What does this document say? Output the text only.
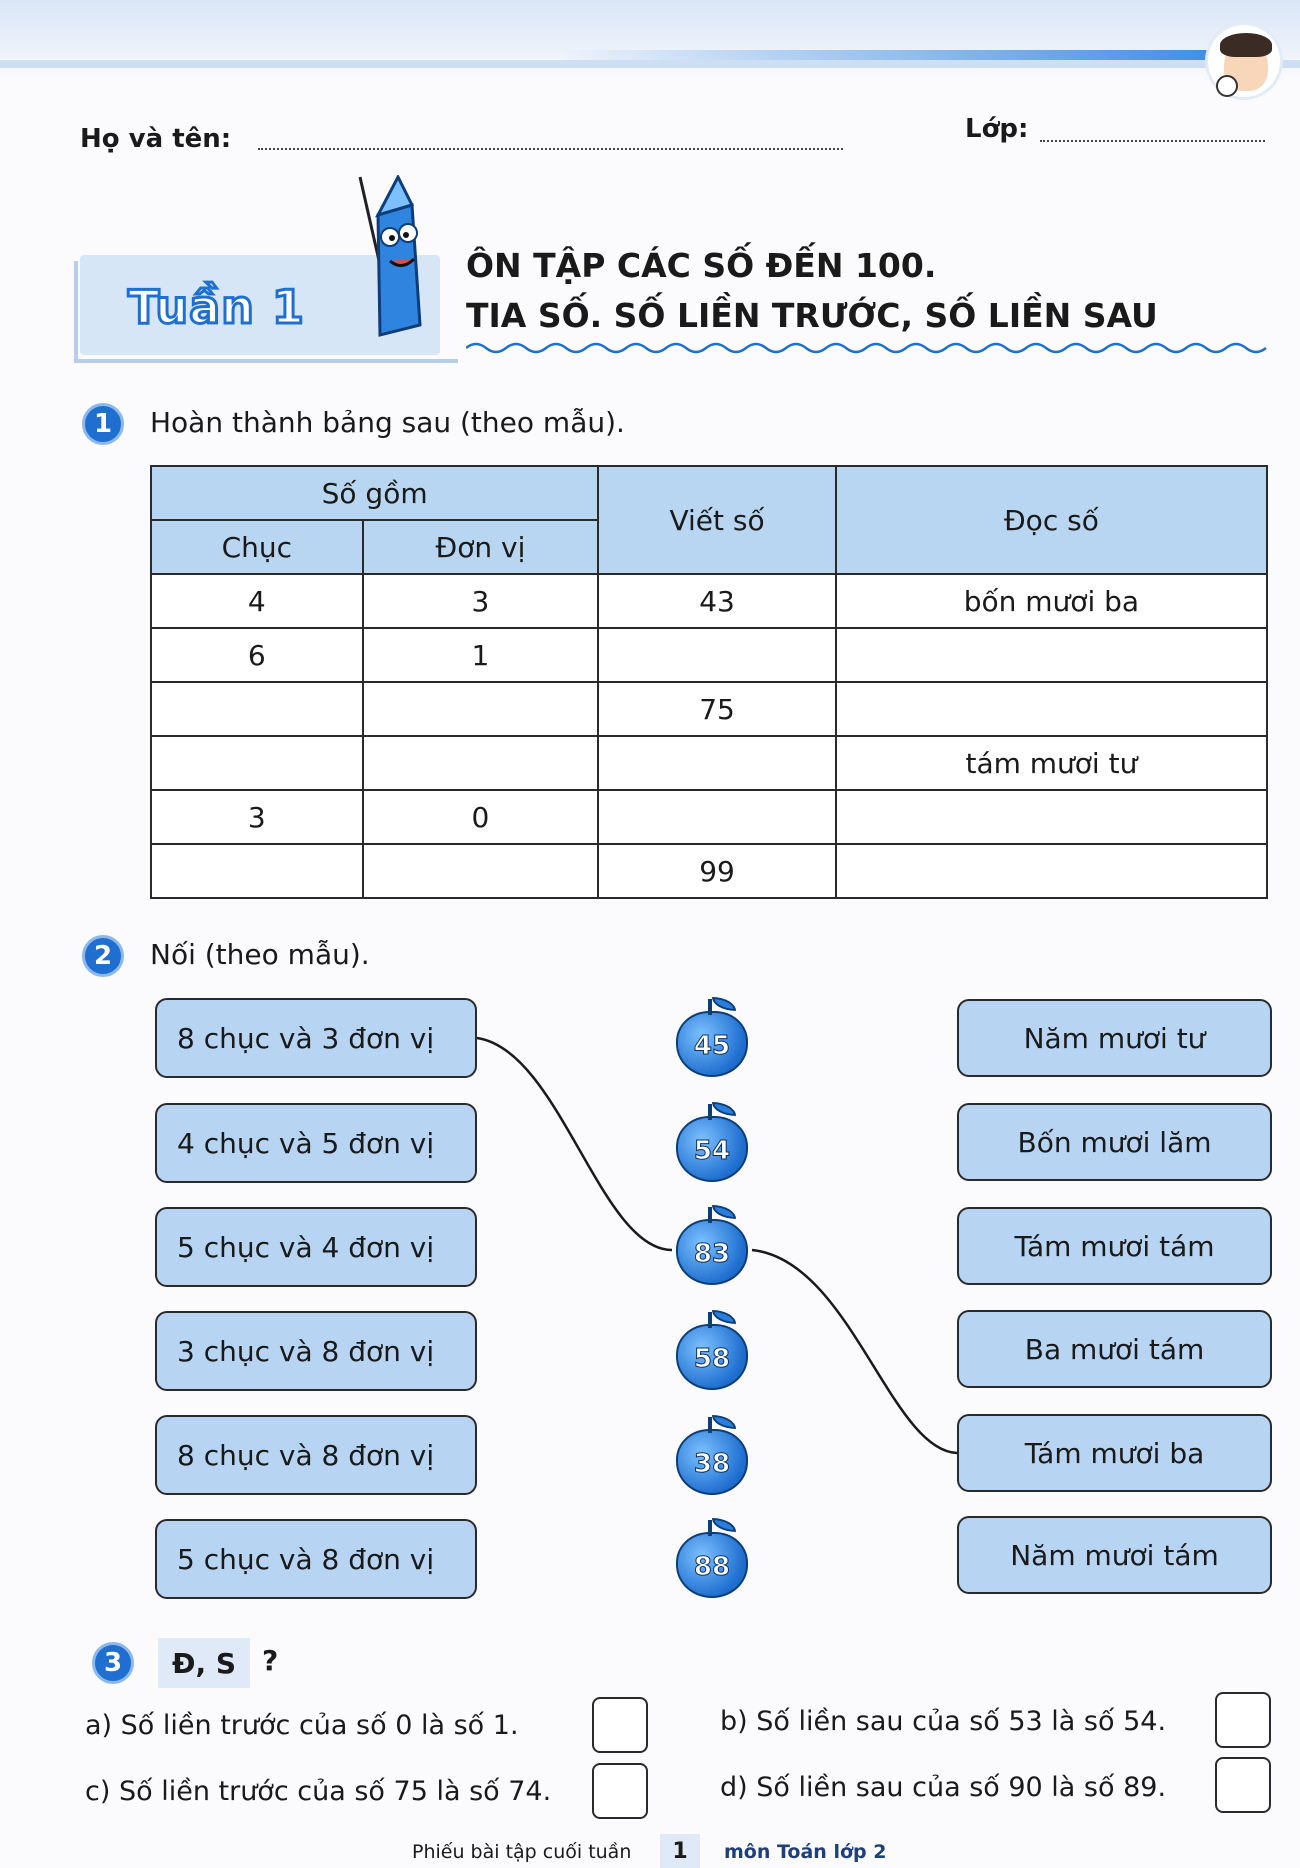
Họ và tên:	Lớp:
Tuần 1
ÔN TẬP CÁC SỐ ĐẾN 100.
TIA SỐ. SỐ LIỀN TRƯỚC, SỐ LIỀN SAU
1	Hoàn thành bảng sau (theo mẫu).
Số gồm		Viết số	Đọc số
Chục	Đơn vị		
4	3	43	bốn mươi ba
6	1		
		75	
			tám mươi tư
3	0		
		99	
2	Nối (theo mẫu).
8 chục và 3 đơn vị
4 chục và 5 đơn vị
5 chục và 4 đơn vị
3 chục và 8 đơn vị
8 chục và 8 đơn vị
5 chục và 8 đơn vị
45
54
83
58
38
88
Năm mươi tư
Bốn mươi lăm
Tám mươi tám
Ba mươi tám
Tám mươi ba
Năm mươi tám
3	Đ, S ?
a) Số liền trước của số 0 là số 1.	b) Số liền sau của số 53 là số 54.
c) Số liền trước của số 75 là số 74.	d) Số liền sau của số 90 là số 89.
Phiếu bài tập cuối tuần	1	môn Toán lớp 2
